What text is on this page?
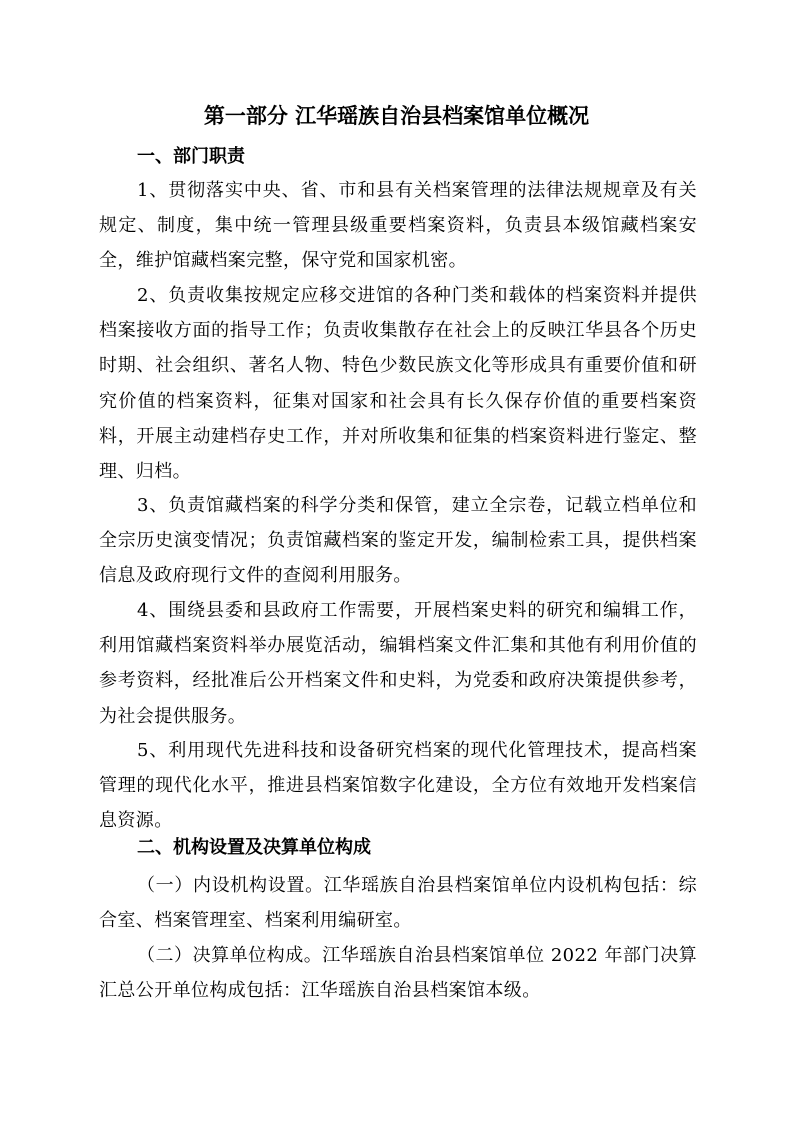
第一部分 江华瑶族自治县档案馆单位概况
一、部门职责

1、贯彻落实中央、省、市和县有关档案管理的法律法规规章及有关规定、制度，集中统一管理县级重要档案资料，负责县本级馆藏档案安全，维护馆藏档案完整，保守党和国家机密。

2、负责收集按规定应移交进馆的各种门类和载体的档案资料并提供档案接收方面的指导工作；负责收集散存在社会上的反映江华县各个历史时期、社会组织、著名人物、特色少数民族文化等形成具有重要价值和研究价值的档案资料，征集对国家和社会具有长久保存价值的重要档案资料，开展主动建档存史工作，并对所收集和征集的档案资料进行鉴定、整理、归档。

3、负责馆藏档案的科学分类和保管，建立全宗卷，记载立档单位和全宗历史演变情况；负责馆藏档案的鉴定开发，编制检索工具，提供档案信息及政府现行文件的查阅利用服务。

4、围绕县委和县政府工作需要，开展档案史料的研究和编辑工作，利用馆藏档案资料举办展览活动，编辑档案文件汇集和其他有利用价值的参考资料，经批准后公开档案文件和史料，为党委和政府决策提供参考，为社会提供服务。

5、利用现代先进科技和设备研究档案的现代化管理技术，提高档案管理的现代化水平，推进县档案馆数字化建设，全方位有效地开发档案信息资源。

二、机构设置及决算单位构成

（一）内设机构设置。江华瑶族自治县档案馆单位内设机构包括：综合室、档案管理室、档案利用编研室。

（二）决算单位构成。江华瑶族自治县档案馆单位 2022 年部门决算汇总公开单位构成包括：江华瑶族自治县档案馆本级。
